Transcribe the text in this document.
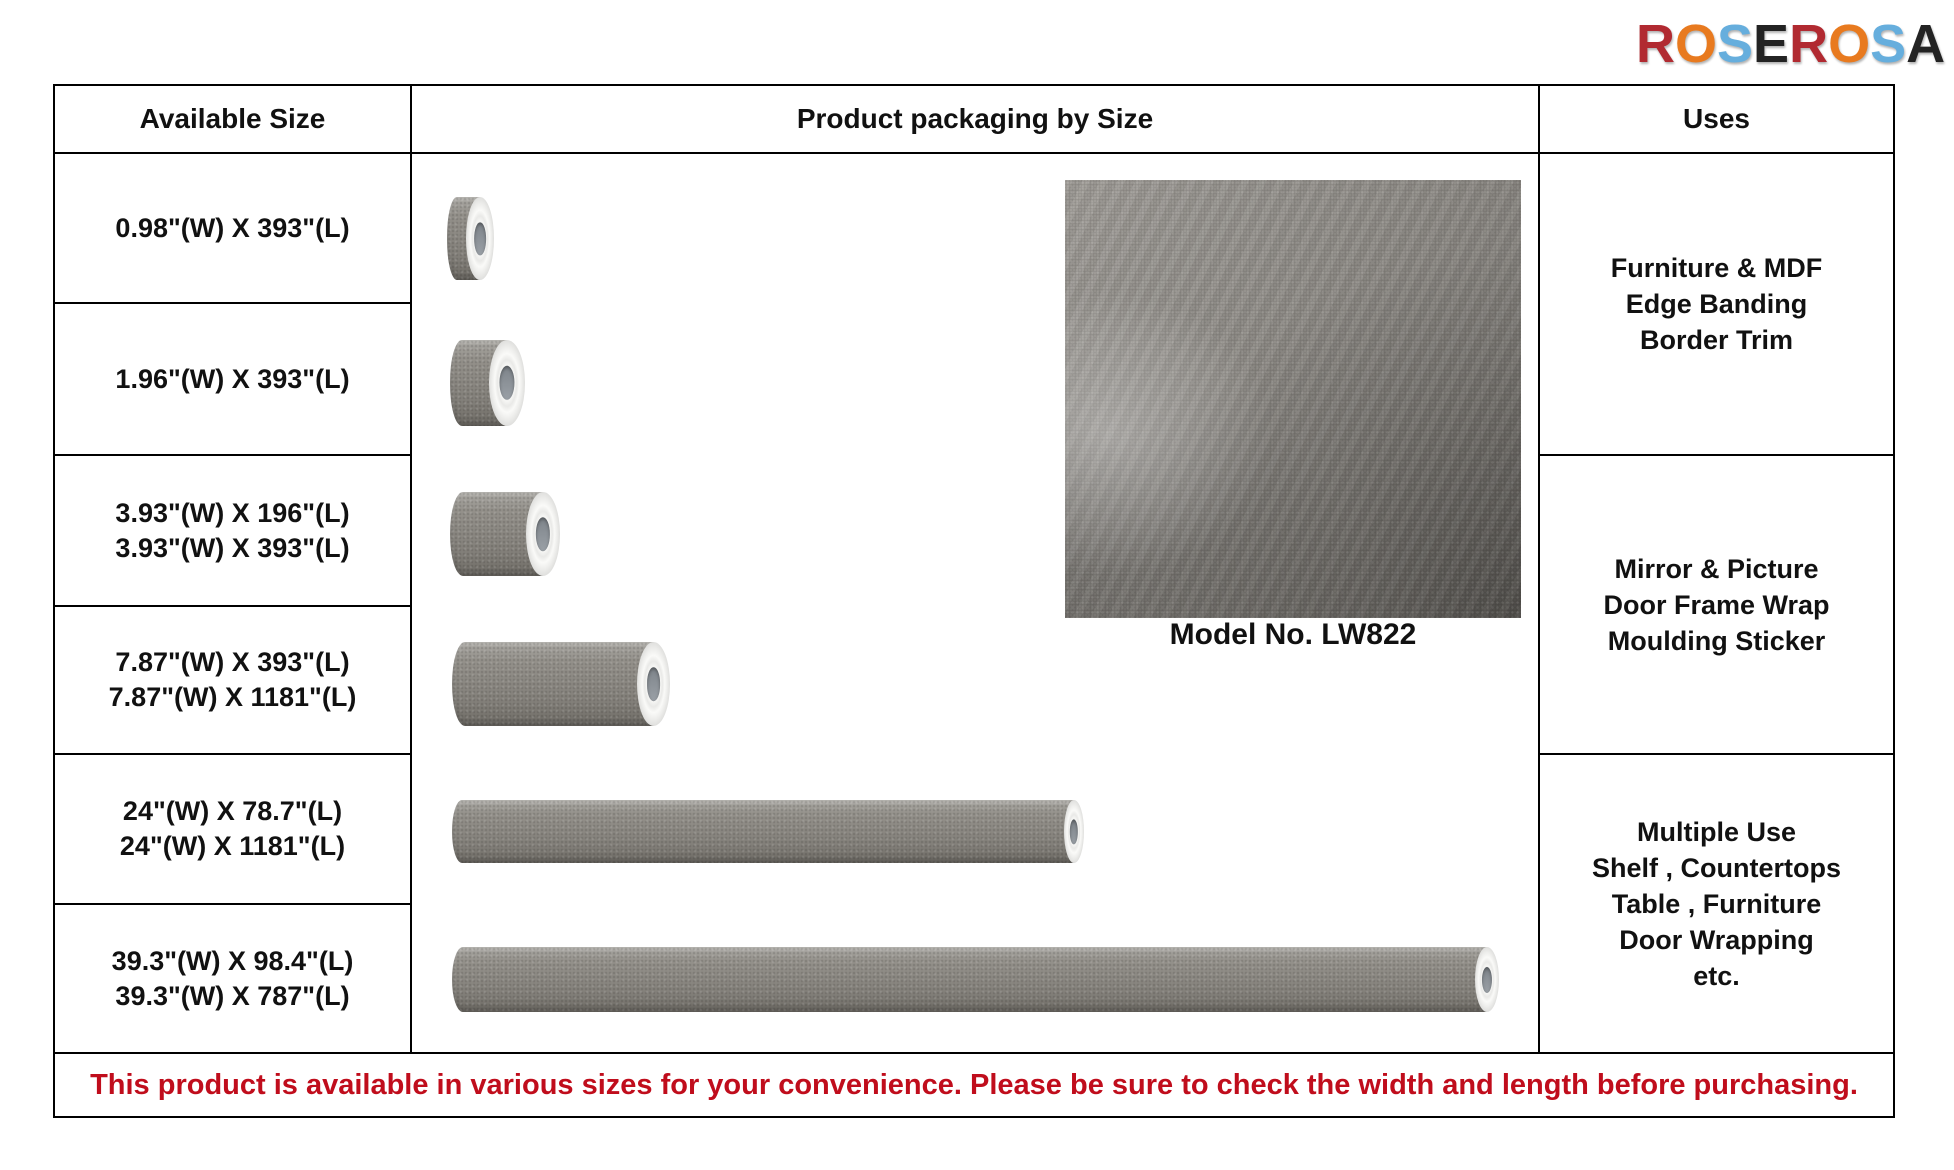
ROSEROSA
Available Size	Product packaging by Size	Uses
0.98"(W) X 393"(L)
1.96"(W) X 393"(L)
3.93"(W) X 196"(L)
3.93"(W) X 393"(L)
7.87"(W) X 393"(L)
7.87"(W) X 1181"(L)
24"(W) X 78.7"(L)
24"(W) X 1181"(L)
39.3"(W) X 98.4"(L)
39.3"(W) X 787"(L)
Model No. LW822
Furniture & MDF
Edge Banding
Border Trim
Mirror & Picture
Door Frame Wrap
Moulding Sticker
Multiple Use
Shelf , Countertops
Table , Furniture
Door Wrapping
etc.
This product is available in various sizes for your convenience. Please be sure to check the width and length before purchasing.
